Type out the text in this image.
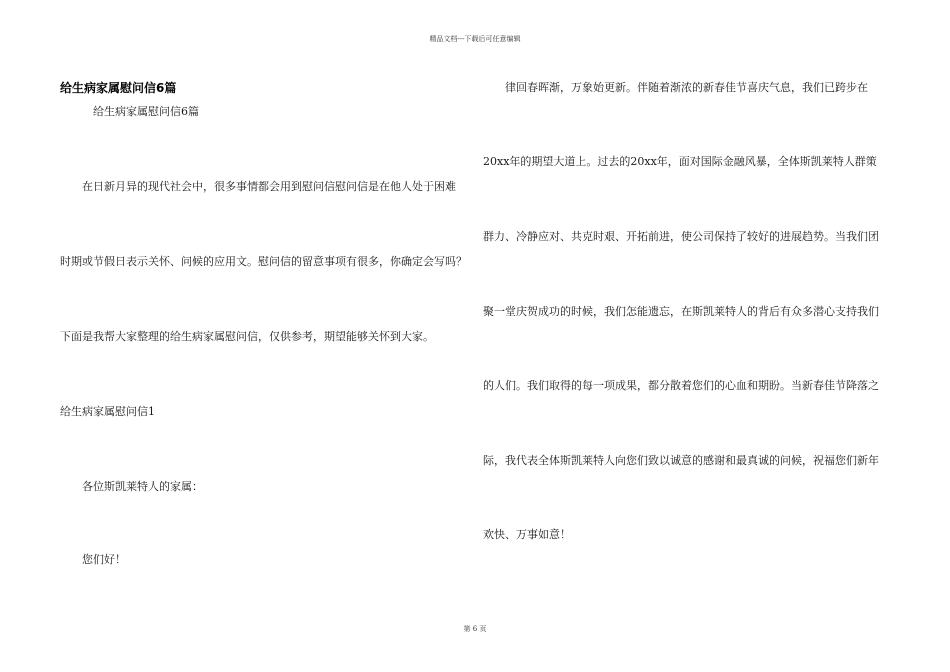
精品文档---下载后可任意编辑
给生病家属慰问信6篇
给生病家属慰问信6篇
在日新月异的现代社会中，很多事情都会用到慰问信慰问信是在他人处于困难
时期或节假日表示关怀、问候的应用文。慰问信的留意事项有很多，你确定会写吗？
下面是我帮大家整理的给生病家属慰问信，仅供参考，期望能够关怀到大家。
给生病家属慰问信1
各位斯凯莱特人的家属：
您们好！
律回春晖渐，万象始更新。伴随着渐浓的新春佳节喜庆气息，我们已跨步在
20xx年的期望大道上。过去的20xx年，面对国际金融风暴，全体斯凯莱特人群策
群力、冷静应对、共克时艰、开拓前进，使公司保持了较好的进展趋势。当我们团
聚一堂庆贺成功的时候，我们怎能遗忘，在斯凯莱特人的背后有众多潜心支持我们
的人们。我们取得的每一项成果，都分散着您们的心血和期盼。当新春佳节降落之
际，我代表全体斯凯莱特人向您们致以诚意的感谢和最真诚的问候，祝福您们新年
欢快、万事如意！
第 6 页
